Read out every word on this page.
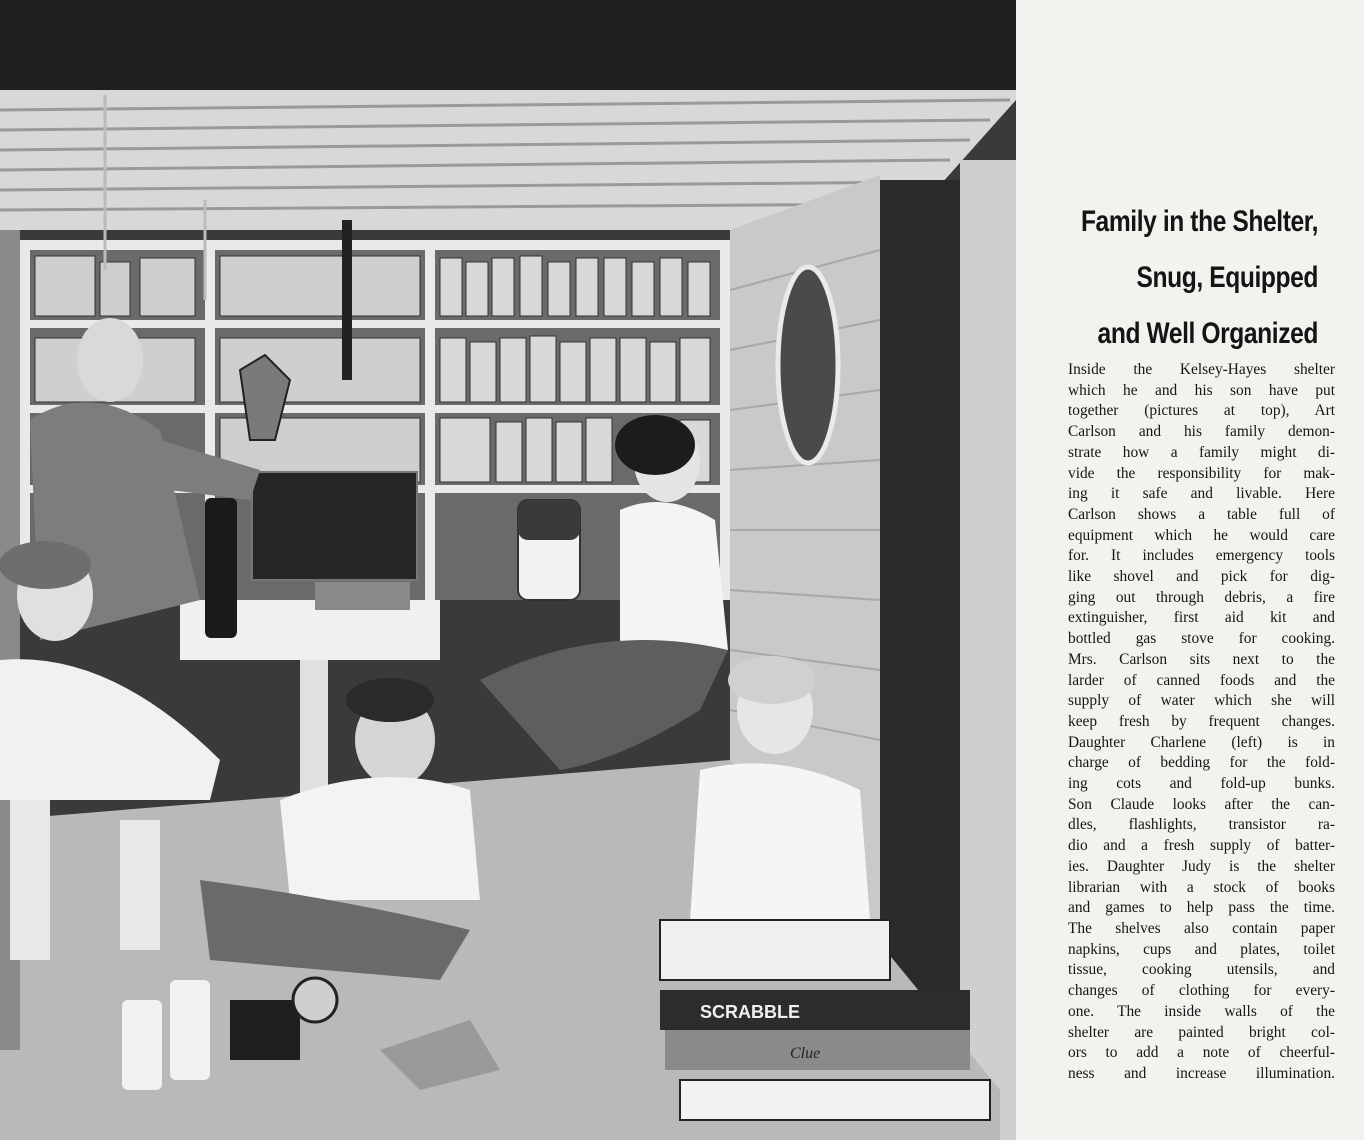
SCRABBLE
Clue
Family in the Shelter,
Snug, Equipped
and Well Organized
Inside the Kelsey-Hayes shelter
which he and his son have put
together (pictures at top), Art
Carlson and his family demon-
strate how a family might di-
vide the responsibility for mak-
ing it safe and livable. Here
Carlson shows a table full of
equipment which he would care
for. It includes emergency tools
like shovel and pick for dig-
ging out through debris, a fire
extinguisher, first aid kit and
bottled gas stove for cooking.
Mrs. Carlson sits next to the
larder of canned foods and the
supply of water which she will
keep fresh by frequent changes.
Daughter Charlene (left) is in
charge of bedding for the fold-
ing cots and fold-up bunks.
Son Claude looks after the can-
dles, flashlights, transistor ra-
dio and a fresh supply of batter-
ies. Daughter Judy is the shelter
librarian with a stock of books
and games to help pass the time.
The shelves also contain paper
napkins, cups and plates, toilet
tissue, cooking utensils, and
changes of clothing for every-
one. The inside walls of the
shelter are painted bright col-
ors to add a note of cheerful-
ness and increase illumination.
